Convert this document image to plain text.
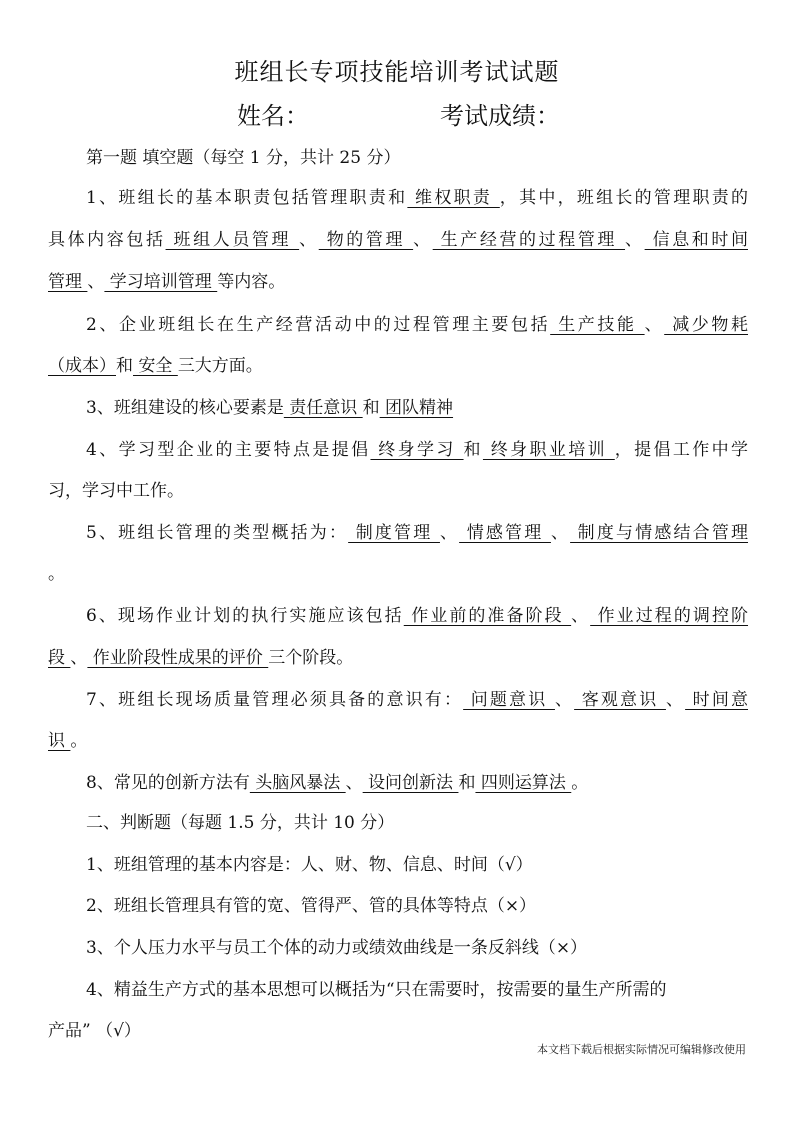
班组长专项技能培训考试试题
姓名：	考试成绩：
第一题 填空题（每空 1 分，共计 25 分）
1、班组长的基本职责包括管理职责和 维权职责 ，其中，班组长的管理职责的
具体内容包括 班组人员管理 、 物的管理 、 生产经营的过程管理 、 信息和时间
管理 、 学习培训管理 等内容。
2、企业班组长在生产经营活动中的过程管理主要包括 生产技能 、 减少物耗
（成本）和 安全 三大方面。
3、班组建设的核心要素是 责任意识 和 团队精神
4、学习型企业的主要特点是提倡 终身学习 和 终身职业培训 ，提倡工作中学
习，学习中工作。
5、班组长管理的类型概括为： 制度管理 、 情感管理 、 制度与情感结合管理
。
6、现场作业计划的执行实施应该包括 作业前的准备阶段 、 作业过程的调控阶
段 、 作业阶段性成果的评价 三个阶段。
7、班组长现场质量管理必须具备的意识有： 问题意识 、 客观意识 、 时间意
识 。
8、常见的创新方法有 头脑风暴法 、 设问创新法 和 四则运算法 。
二、判断题（每题 1.5 分，共计 10 分）
1、班组管理的基本内容是：人、财、物、信息、时间（√）
2、班组长管理具有管的宽、管得严、管的具体等特点（×）
3、个人压力水平与员工个体的动力或绩效曲线是一条反斜线（×）
4、精益生产方式的基本思想可以概括为“只在需要时，按需要的量生产所需的
产品” （√）
本文档下载后根据实际情况可编辑修改使用
